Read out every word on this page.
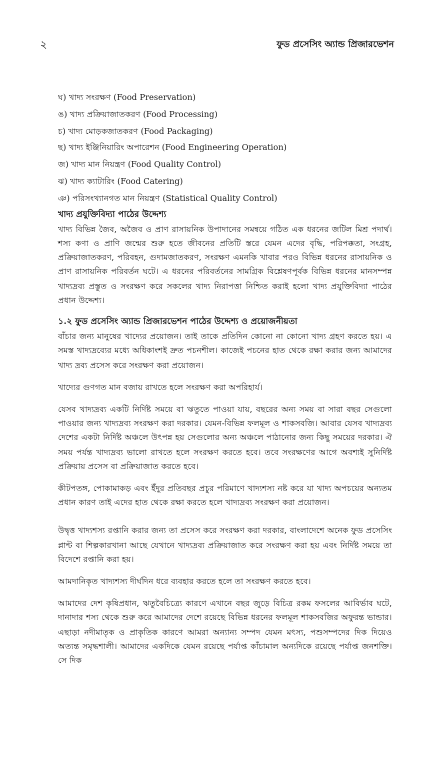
২	ফুড প্রসেসিং অ্যান্ড প্রিজারভেশন
ঘ) খাদ্য সংরক্ষণ (Food Preservation)
ঙ) খাদ্য প্রক্রিয়াজাতকরণ (Food Processing)
চ) খাদ্য মোড়কজাতকরণ (Food Packaging)
ছ) খাদ্য ইঞ্জিনিয়ারিং অপারেশন (Food Engineering Operation)
জ) খাদ্য মান নিয়ন্ত্রণ (Food Quality Control)
ঝ) খাদ্য ক্যাটারিং (Food Catering)
ঞ) পরিসংখ্যানগত মান নিয়ন্ত্রণ (Statistical Quality Control)
খাদ্য প্রযুক্তিবিদ্যা পাঠের উদ্দেশ্য

খাদ্য বিভিন্ন জৈব, অজৈব ও প্রাণ রাসায়নিক উপাদানের সমন্বয়ে গঠিত এক ধরনের জটিল মিশ্র পদার্থ। শস্য কণা ও প্রাণি জন্মের শুরু হতে জীবনের প্রতিটি স্তরে যেমন এদের বৃদ্ধি, পরিপক্কতা, সংগ্রহ, প্রক্রিয়াজাতকরণ, পরিবহন, গুদামজাতকরণ, সংরক্ষণ এমনকি খাবার পরও বিভিন্ন ধরনের রাসায়নিক ও প্রাণ রাসায়নিক পরিবর্তন ঘটে। এ ধরনের পরিবর্তনের সামগ্রিক বিশ্লেষণপূর্বক বিভিন্ন ধরনের মানসম্পন্ন খাদ্যদ্রব্য প্রস্তুত ও সংরক্ষণ করে সকলের খাদ্য নিরাপত্তা নিশ্চিত করাই হলো খাদ্য প্রযুক্তিবিদ্যা পাঠের প্রধান উদ্দেশ্য।

১.২ ফুড প্রসেসিং অ্যান্ড প্রিজারভেশন পাঠের উদ্দেশ্য ও প্রয়োজনীয়তা

বাঁচার জন্য মানুষের খাদ্যের প্রয়োজন। তাই তাকে প্রতিদিন কোনো না কোনো খাদ্য গ্রহণ করতে হয়। এ সমস্ত খাদ্যদ্রব্যের মধ্যে অধিকাংশই দ্রুত পচনশীল। কাজেই পচনের হাত থেকে রক্ষা করার জন্য আমাদের খাদ্য দ্রব্য প্রসেস করে সংরক্ষণ করা প্রয়োজন।

খাদ্যের গুণগত মান বজায় রাখতে হলে সংরক্ষণ করা অপরিহার্য।

যেসব খাদ্যদ্রব্য একটি নির্দিষ্ট সময়ে বা ঋতুতে পাওয়া যায়, বছরের অন্য সময় বা সারা বছর সেগুলো পাওয়ার জন্য খাদ্যদ্রব্য সংরক্ষণ করা দরকার। যেমন-বিভিন্ন ফলমূল ও শাকসবজি। আবার যেসব খাদ্যদ্রব্য দেশের একটা নির্দিষ্ট অঞ্চলে উৎপন্ন হয় সেগুলোর অন্য অঞ্চলে পাঠানোর জন্য কিছু সময়ের দরকার। ঐ সময় পর্যন্ত খাদ্যদ্রব্য ভালো রাখতে হলে সংরক্ষণ করতে হবে। তবে সংরক্ষণের আগে অবশ্যই সুনির্দিষ্ট প্রক্রিয়ায় প্রসেস বা প্রক্রিয়াজাত করতে হবে।

কীটপতঙ্গ, পোকামাকড় এবং ইঁদুর প্রতিবছর প্রচুর পরিমাণে খাদ্যশস্য নষ্ট করে যা খাদ্য অপচয়ের অন্যতম প্রধান কারণ তাই এদের হাত থেকে রক্ষা করতে হলে খাদ্যদ্রব্য সংরক্ষণ করা প্রয়োজন।

উদ্বৃত্ত খাদ্যশস্য রপ্তানি করার জন্য তা প্রসেস করে সংরক্ষণ করা দরকার, বাংলাদেশে অনেক ফুড প্রসেসিং প্লান্ট বা শিল্পকারখানা আছে যেখানে খাদ্যদ্রব্য প্রক্রিয়াজাত করে সংরক্ষণ করা হয় এবং নির্দিষ্ট সময়ে তা বিদেশে রপ্তানি করা হয়।

আমদানিকৃত খাদ্যশস্য দীর্ঘদিন ধরে ব্যবহার করতে হলে তা সংরক্ষণ করতে হবে।

আমাদের দেশ কৃষিপ্রধান, ঋতুবৈচিত্র্যে কারণে এখানে বছর জুড়ে বিচিত্র রকম ফসলের আবির্ভাব ঘটে, দানাদার শস্য থেকে শুরু করে আমাদের দেশে রয়েছে বিভিন্ন ধরনের ফলমূল শাকসবজির অফুরন্ত ভান্ডার। এছাড়া নদীমাতৃক ও প্রাকৃতিক কারণে আমরা অন্যান্য সম্পদ যেমন মৎস্য, পশুসম্পদের দিক দিয়েও অত্যন্ত সমৃদ্ধশালী। আমাদের একদিকে যেমন রয়েছে পর্যাপ্ত কাঁচামাল অন্যদিকে রয়েছে পর্যাপ্ত জনশক্তি। সে দিক
